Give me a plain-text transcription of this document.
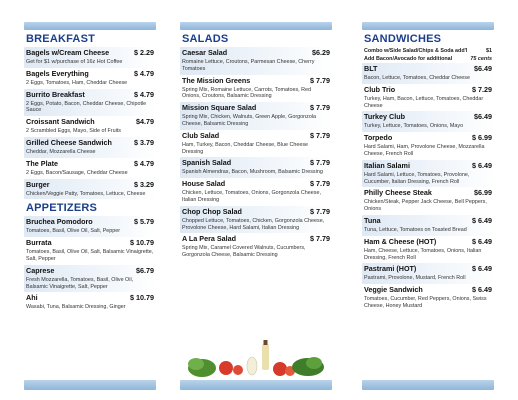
BREAKFAST
Bagels w/Cream Cheese	$ 2.29
Get for $1 w/purchase of 16z Hot Coffee
Bagels Everything	$ 4.79
2 Eggs, Tomatoes, Ham, Cheddar Cheese
Burrito Breakfast	$ 4.79
2 Eggs, Potato, Bacon, Cheddar Cheese, Chipotle Sauce
Croissant Sandwich	$4.79
2 Scrambled Eggs, Mayo, Side of Fruits
Grilled Cheese Sandwich	$ 3.79
Cheddar, Mozzarella Cheese
The Plate	$ 4.79
2 Eggs, Bacon/Sausage, Cheddar Cheese
Burger	$ 3.29
Chicken/Veggie Patty, Tomatoes, Lettuce, Cheese
APPETIZERS
Bruchea Pomodoro	$ 5.79
Tomatoes, Basil, Olive Oil, Salt, Pepper
Burrata	$ 10.79
Tomatoes, Basil, Olive Oil, Salt, Balsamic Vinaigrette, Salt, Pepper
Caprese	$6.79
Fresh Mozzarella, Tomatoes, Basil, Olive Oil, Balsamic Vinaigrette, Salt, Pepper
Ahi	$ 10.79
Wasabi, Tuna, Balsamic Dressing, Ginger
SALADS
Caesar Salad	$6.29
Romaine Lettuce, Croutons, Parmesan Cheese, Cherry Tomatoes
The Mission Greens	$ 7.79
Spring Mix, Romaine Lettuce, Carrots, Tomatoes, Red Onions, Croutons, Balsamic Dressing
Mission Square Salad	$ 7.79
Spring Mix, Chicken, Walnuts, Green Apple, Gorgonzola Cheese, Balsamic Dressing
Club Salad	$ 7.79
Ham, Turkey, Bacon, Cheddar Cheese, Blue Cheese Dressing
Spanish Salad	$ 7.79
Spanish Almendras, Bacon, Mushroom, Balsamic Dressing
House Salad	$ 7.79
Chicken, Lettuce, Tomatoes, Onions, Gorgonzola Cheese, Italian Dressing
Chop Chop Salad	$ 7.79
Chopped Lettuce, Tomatoes, Chicken, Gorgonzola Cheese, Provolone Cheese, Hard Salami, Italian Dressing
A La Pera Salad	$ 7.79
Spring Mix, Caramel Covered Walnuts, Cucumbers, Gorgonzola Cheese, Balsamic Dressing
SANDWICHES
Combo w/Side Salad/Chips & Soda add'l	$1
Add Bacon/Avocado for additional	75 cents
BLT	$6.49
Bacon, Lettuce, Tomatoes, Cheddar Cheese
Club Trio	$ 7.29
Turkey, Ham, Bacon, Lettuce, Tomatoes, Cheddar Cheese
Turkey Club	$6.49
Turkey, Lettuce, Tomatoes, Onions, Mayo
Torpedo	$ 6.99
Hard Salami, Ham, Provolone Cheese, Mozzarella Cheese, French Roll
Italian Salami	$ 6.49
Hard Salami, Lettuce, Tomatoes, Provolone, Cucumber, Italian Dressing, French Roll
Philly Cheese Steak	$6.99
Chicken/Steak, Pepper Jack Cheese, Bell Peppers, Onions
Tuna	$ 6.49
Tuna, Lettuce, Tomatoes on Toasted Bread
Ham & Cheese (HOT)	$ 6.49
Ham, Cheese, Lettuce, Tomatoes, Onions, Italian Dressing, French Roll
Pastrami (HOT)	$ 6.49
Pastrami, Provolone, Mustard, French Roll
Veggie Sandwich	$ 6.49
Tomatoes, Cucumber, Red Peppers, Onions, Swiss Cheese, Honey Mustard
